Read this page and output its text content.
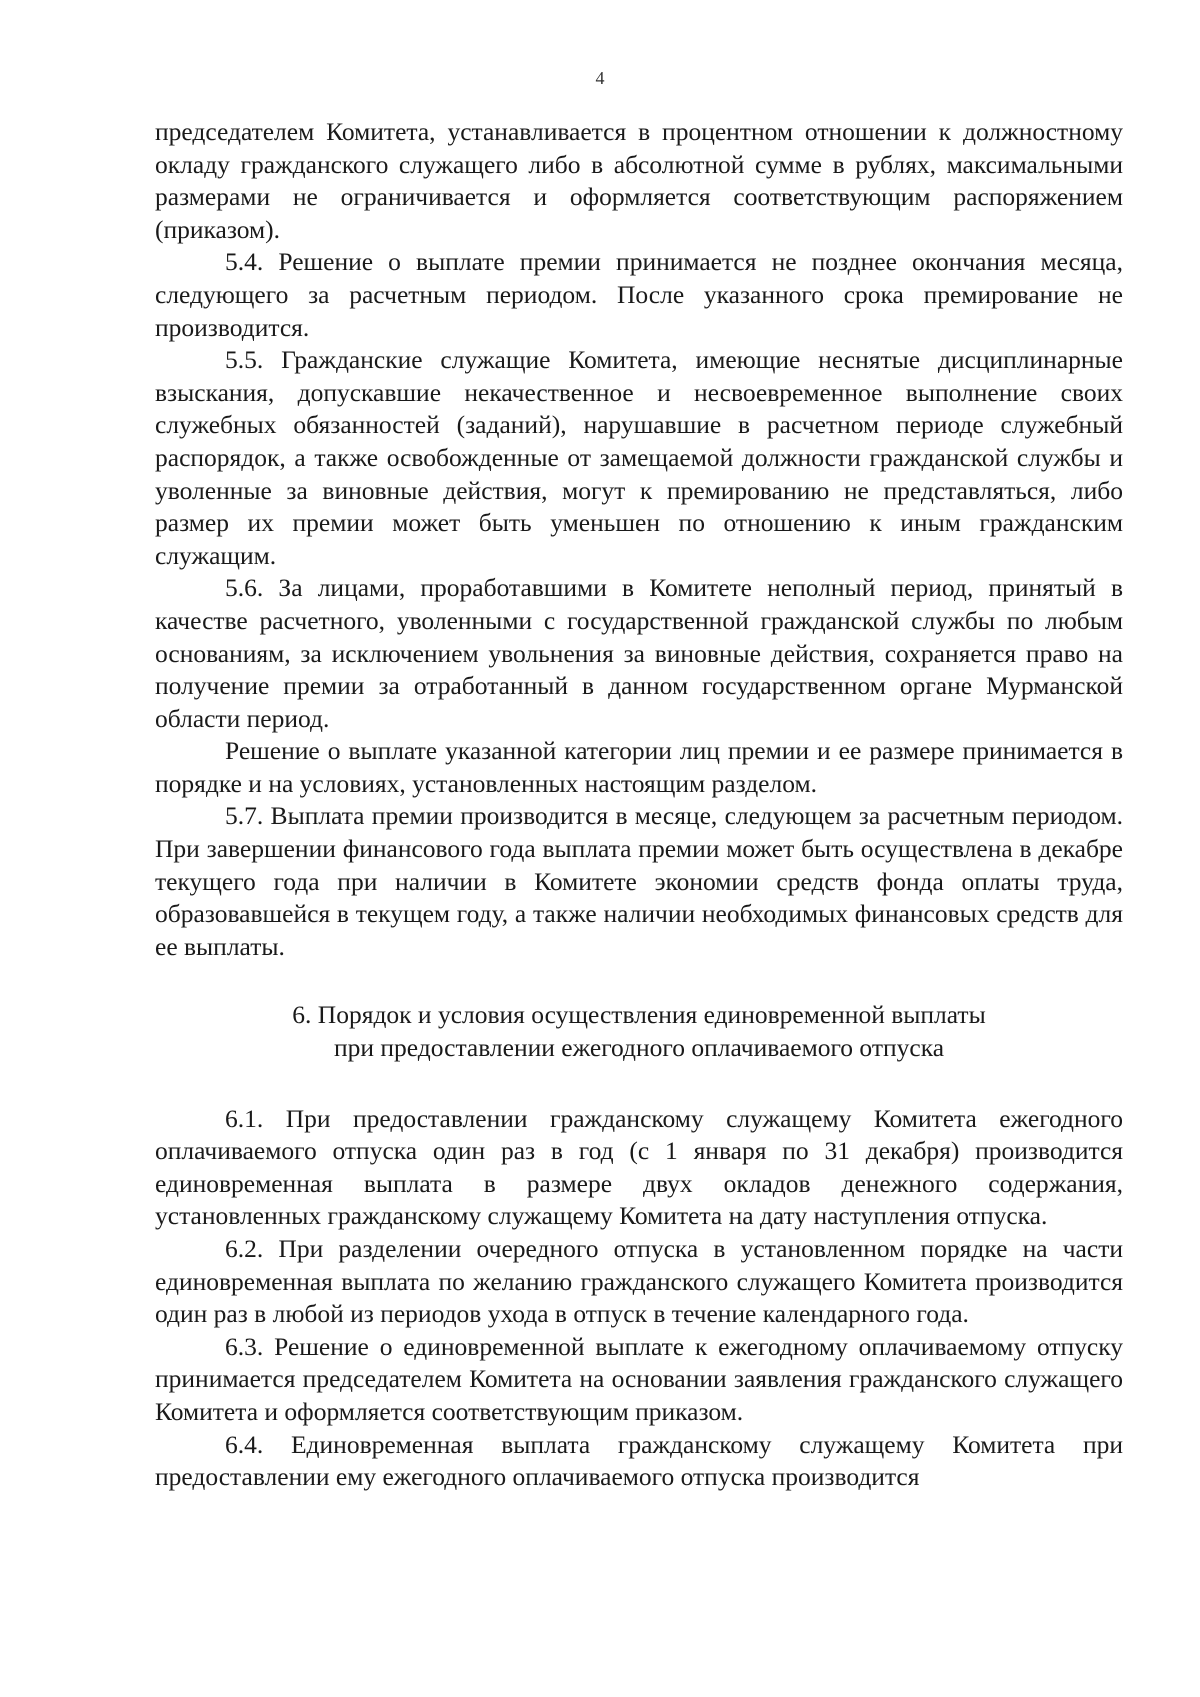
4

председателем Комитета, устанавливается в процентном отношении к должностному окладу гражданского служащего либо в абсолютной сумме в рублях, максимальными размерами не ограничивается и оформляется соответствующим распоряжением (приказом).

5.4. Решение о выплате премии принимается не позднее окончания месяца, следующего за расчетным периодом. После указанного срока премирование не производится.

5.5. Гражданские служащие Комитета, имеющие неснятые дисциплинарные взыскания, допускавшие некачественное и несвоевременное выполнение своих служебных обязанностей (заданий), нарушавшие в расчетном периоде служебный распорядок, а также освобожденные от замещаемой должности гражданской службы и уволенные за виновные действия, могут к премированию не представляться, либо размер их премии может быть уменьшен по отношению к иным гражданским служащим.

5.6. За лицами, проработавшими в Комитете неполный период, принятый в качестве расчетного, уволенными с государственной гражданской службы по любым основаниям, за исключением увольнения за виновные действия, сохраняется право на получение премии за отработанный в данном государственном органе Мурманской области период.

Решение о выплате указанной категории лиц премии и ее размере принимается в порядке и на условиях, установленных настоящим разделом.

5.7. Выплата премии производится в месяце, следующем за расчетным периодом. При завершении финансового года выплата премии может быть осуществлена в декабре текущего года при наличии в Комитете экономии средств фонда оплаты труда, образовавшейся в текущем году, а также наличии необходимых финансовых средств для ее выплаты.

6. Порядок и условия осуществления единовременной выплаты
при предоставлении ежегодного оплачиваемого отпуска

6.1. При предоставлении гражданскому служащему Комитета ежегодного оплачиваемого отпуска один раз в год (с 1 января по 31 декабря) производится единовременная выплата в размере двух окладов денежного содержания, установленных гражданскому служащему Комитета на дату наступления отпуска.

6.2. При разделении очередного отпуска в установленном порядке на части единовременная выплата по желанию гражданского служащего Комитета производится один раз в любой из периодов ухода в отпуск в течение календарного года.

6.3. Решение о единовременной выплате к ежегодному оплачиваемому отпуску принимается председателем Комитета на основании заявления гражданского служащего Комитета и оформляется соответствующим приказом.

6.4. Единовременная выплата гражданскому служащему Комитета при предоставлении ему ежегодного оплачиваемого отпуска производится
